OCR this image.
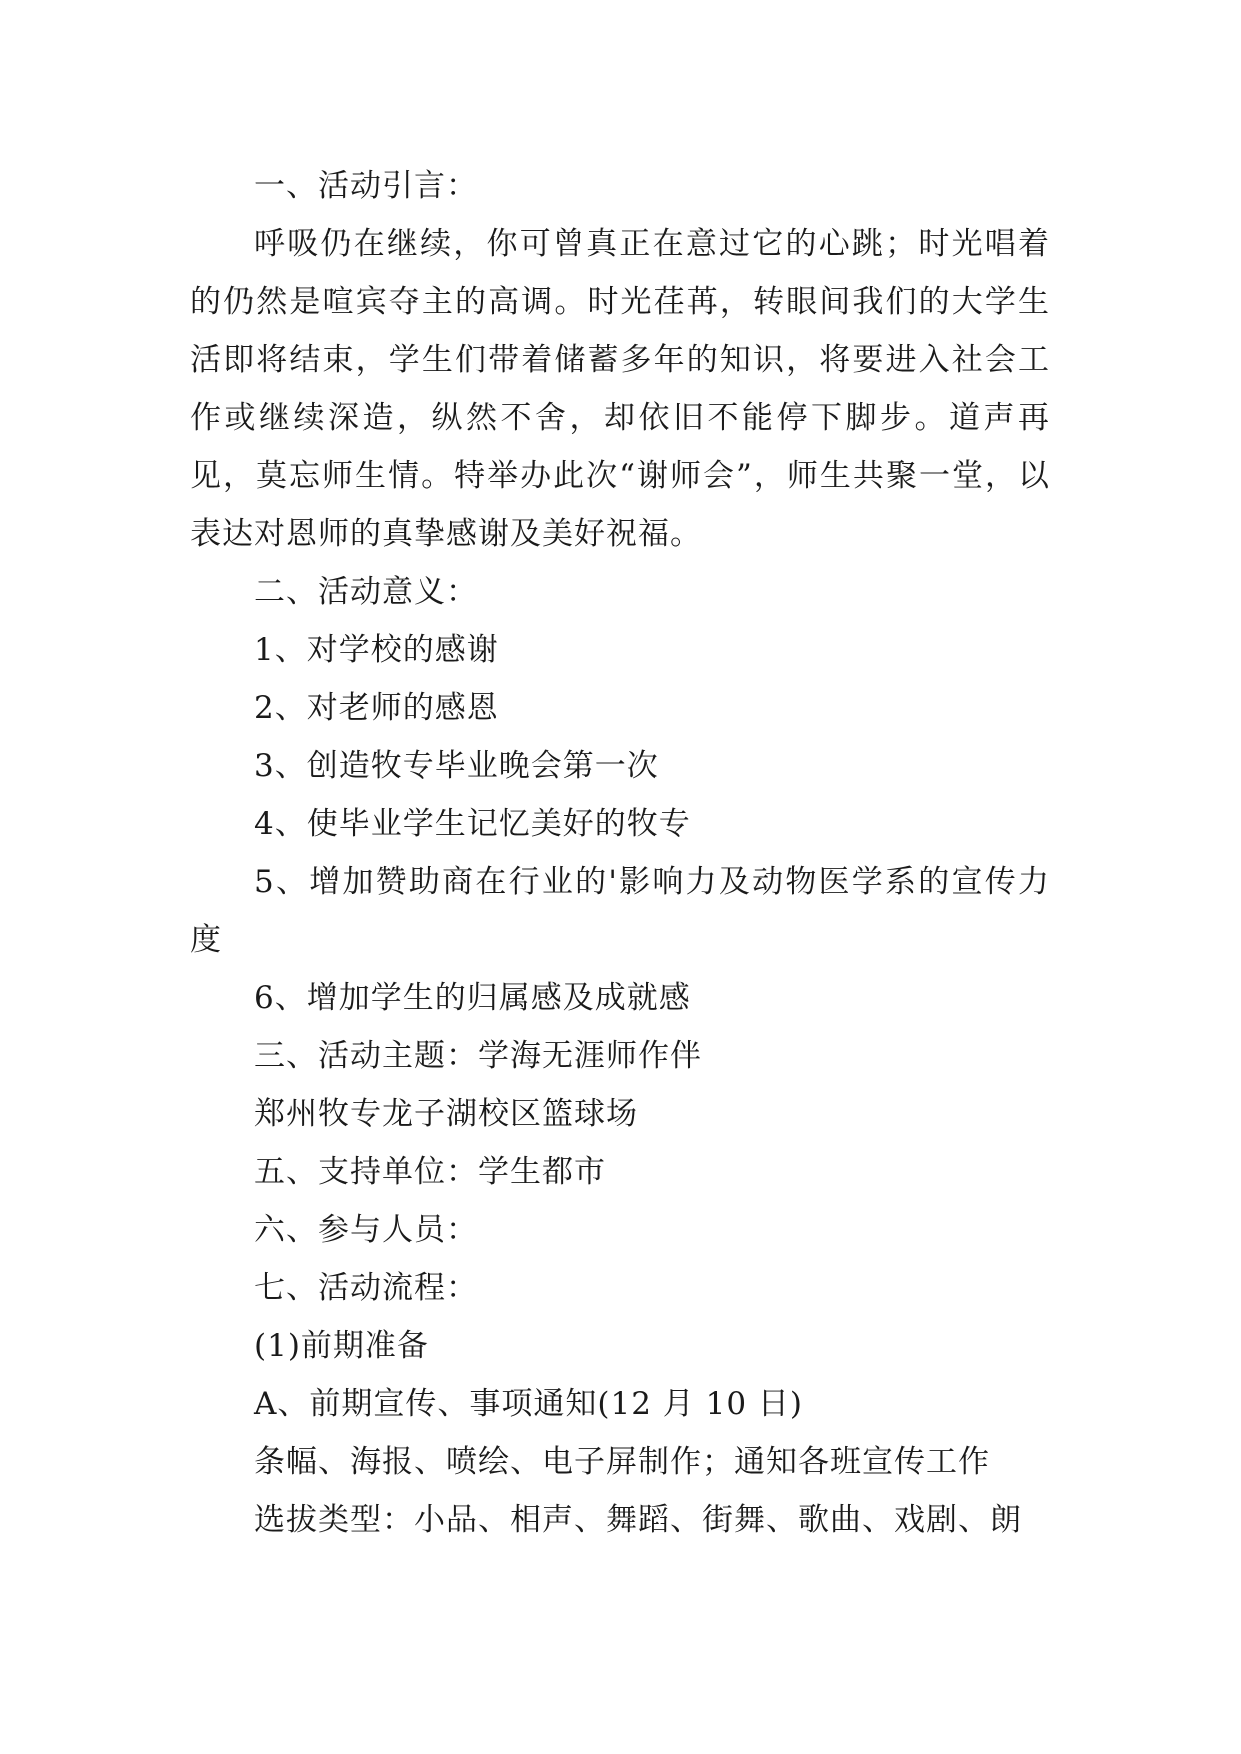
一、活动引言：

呼吸仍在继续，你可曾真正在意过它的心跳；时光唱着的仍然是喧宾夺主的高调。时光荏苒，转眼间我们的大学生活即将结束，学生们带着储蓄多年的知识，将要进入社会工作或继续深造，纵然不舍，却依旧不能停下脚步。道声再见，莫忘师生情。特举办此次“谢师会”，师生共聚一堂，以表达对恩师的真挚感谢及美好祝福。

二、活动意义：

1、对学校的感谢

2、对老师的感恩

3、创造牧专毕业晚会第一次

4、使毕业学生记忆美好的牧专

5、增加赞助商在行业的'影响力及动物医学系的宣传力度

6、增加学生的归属感及成就感

三、活动主题：学海无涯师作伴

郑州牧专龙子湖校区篮球场

五、支持单位：学生都市

六、参与人员：

七、活动流程：

(1)前期准备

A、前期宣传、事项通知(12 月 10 日)

条幅、海报、喷绘、电子屏制作；通知各班宣传工作

选拔类型：小品、相声、舞蹈、街舞、歌曲、戏剧、朗
